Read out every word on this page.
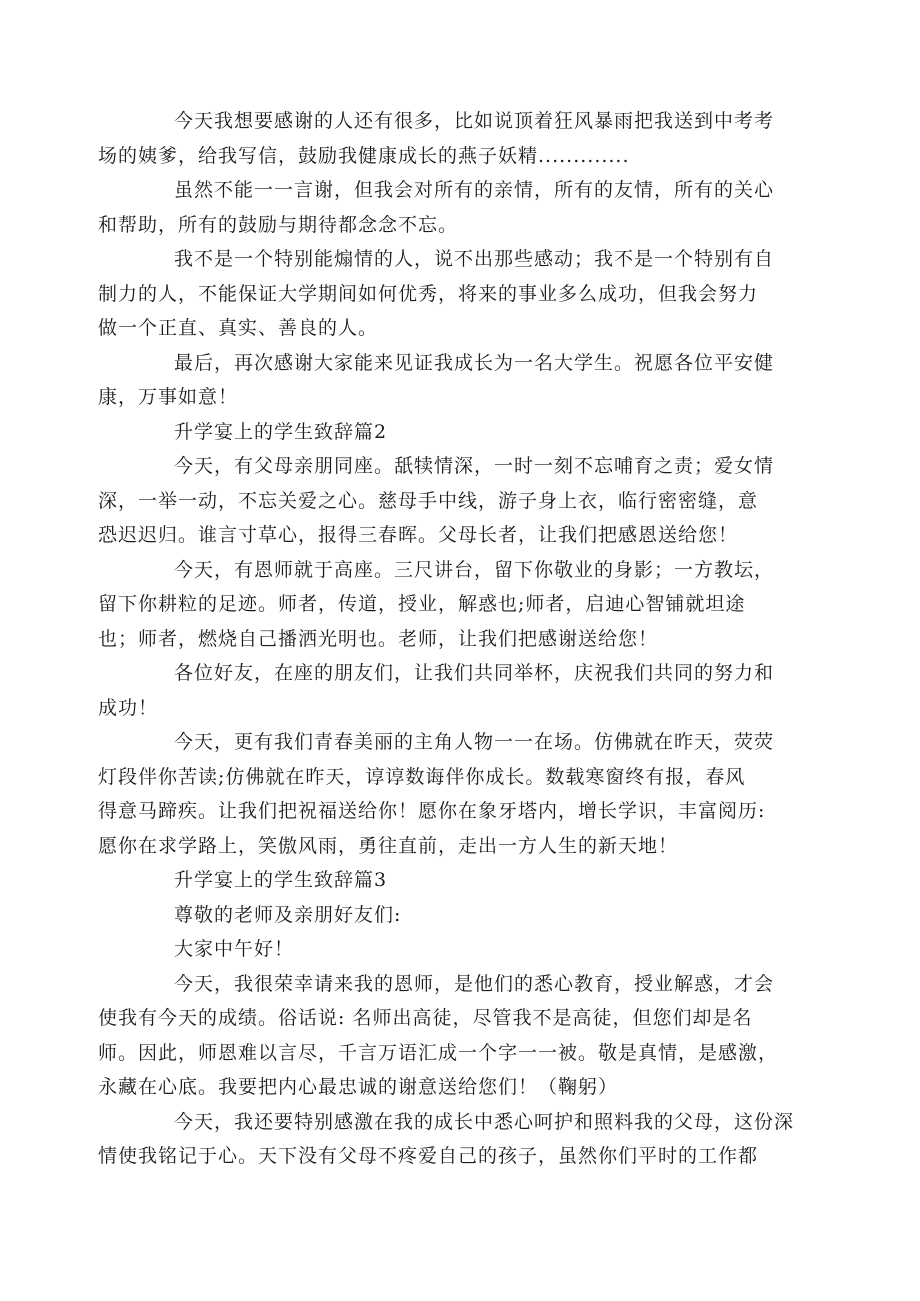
今天我想要感谢的人还有很多，比如说顶着狂风暴雨把我送到中考考
场的姨爹，给我写信，鼓励我健康成长的燕子妖精.............

虽然不能一一言谢，但我会对所有的亲情，所有的友情，所有的关心
和帮助，所有的鼓励与期待都念念不忘。

我不是一个特别能煽情的人，说不出那些感动；我不是一个特别有自
制力的人，不能保证大学期间如何优秀，将来的事业多么成功，但我会努力
做一个正直、真实、善良的人。

最后，再次感谢大家能来见证我成长为一名大学生。祝愿各位平安健
康，万事如意！

升学宴上的学生致辞篇2

今天，有父母亲朋同座。舐犊情深，一时一刻不忘哺育之责；爱女情
深，一举一动，不忘关爱之心。慈母手中线，游子身上衣，临行密密缝，意
恐迟迟归。谁言寸草心，报得三春晖。父母长者，让我们把感恩送给您！

今天，有恩师就于高座。三尺讲台，留下你敬业的身影；一方教坛，
留下你耕粒的足迹。师者，传道，授业，解惑也;师者，启迪心智铺就坦途
也；师者，燃烧自己播洒光明也。老师，让我们把感谢送给您！

各位好友，在座的朋友们，让我们共同举杯，庆祝我们共同的努力和
成功！

今天，更有我们青春美丽的主角人物一一在场。仿佛就在昨天，荧荧
灯段伴你苦读;仿佛就在昨天，谆谆数诲伴你成长。数载寒窗终有报，春风
得意马蹄疾。让我们把祝福送给你！愿你在象牙塔内，增长学识，丰富阅历:
愿你在求学路上，笑傲风雨，勇往直前，走出一方人生的新天地！

升学宴上的学生致辞篇3

尊敬的老师及亲朋好友们:

大家中午好！

今天，我很荣幸请来我的恩师，是他们的悉心教育，授业解惑，才会
使我有今天的成绩。俗话说: 名师出高徒，尽管我不是高徒，但您们却是名
师。因此，师恩难以言尽，千言万语汇成一个字一一被。敬是真情，是感激，
永藏在心底。我要把内心最忠诚的谢意送给您们！（鞠躬）

今天，我还要特别感激在我的成长中悉心呵护和照料我的父母，这份深
情使我铭记于心。天下没有父母不疼爱自己的孩子，虽然你们平时的工作都
